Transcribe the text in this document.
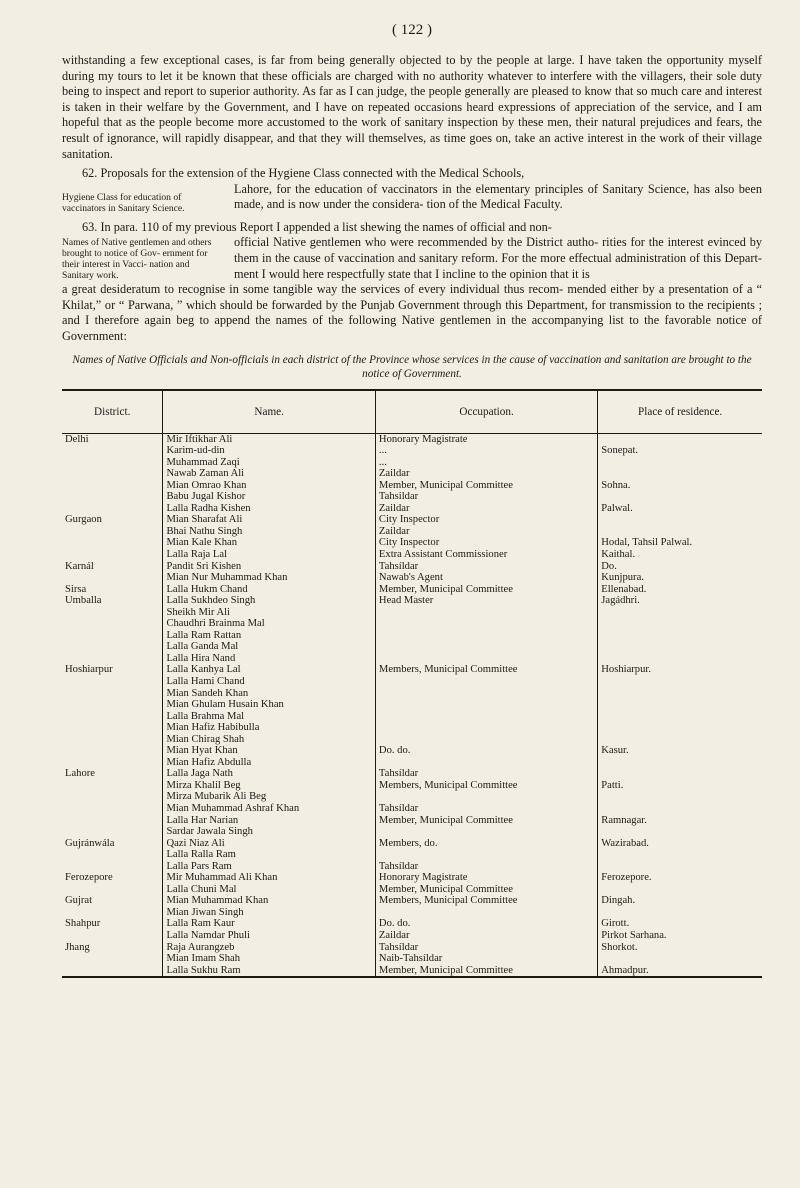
( 122 )

withstanding a few exceptional cases, is far from being generally objected to by the people at large. I have taken the opportunity myself during my tours to let it be known that these officials are charged with no authority whatever to interfere with the villagers, their sole duty being to inspect and report to superior authority. As far as I can judge, the people generally are pleased to know that so much care and interest is taken in their welfare by the Government, and I have on repeated occasions heard expressions of appreciation of the service, and I am hopeful that as the people become more accustomed to the work of sanitary inspection by these men, their natural prejudices and fears, the result of ignorance, will rapidly disappear, and that they will themselves, as time goes on, take an active interest in the work of their village sanitation.

62. Proposals for the extension of the Hygiene Class connected with the Medical Schools,

Hygiene Class for education of vaccinators in Sanitary Science.
Lahore, for the education of vaccinators in the elementary principles of Sanitary Science, has also been made, and is now under the considera- tion of the Medical Faculty.

63. In para. 110 of my previous Report I appended a list shewing the names of official and non-

Names of Native gentlemen and others brought to notice of Gov- ernment for their interest in Vacci- nation and Sanitary work.
official Native gentlemen who were recommended by the District autho- rities for the interest evinced by them in the cause of vaccination and sanitary reform. For the more effectual administration of this Depart- ment I would here respectfully state that I incline to the opinion that it is

a great desideratum to recognise in some tangible way the services of every individual thus recom- mended either by a presentation of a “ Khilat,” or “ Parwana, ” which should be forwarded by the Punjab Government through this Department, for transmission to the recipients ; and I therefore again beg to append the names of the following Native gentlemen in the accompanying list to the favorable notice of Government:

Names of Native Officials and Non-officials in each district of the Province whose services in the cause of vaccination and sanitation are brought to the notice of Government.
District.	Name.	Occupation.	Place of residence.
Delhi	Mir Iftikhar Ali	Honorary Magistrate	
	Karim-ud-din	...	Sonepat.
	Muhammad Zaqi	...	
	Nawab Zaman Ali	Zaildar	
	Mian Omrao Khan	Member, Municipal Committee	Sohna.
	Babu Jugal Kishor	Tahsildar	
	Lalla Radha Kishen	Zaildar	Palwal.
Gurgaon	Mian Sharafat Ali	City Inspector	
	Bhai Nathu Singh	Zaildar	
	Mian Kale Khan	City Inspector	Hodal, Tahsil Palwal.
	Lalla Raja Lal	Extra Assistant Commissioner	Kaithal.
Karnál	Pandit Sri Kishen	Tahsíldar	Do.
	Mian Nur Muhammad Khan	Nawab's Agent	Kunjpura.
Sirsa	Lalla Hukm Chand	Member, Municipal Committee	Ellenabad.
Umballa	Lalla Sukhdeo Singh	Head Master	Jagádhri.
	Sheikh Mir Ali		
	Chaudhri Brainma Mal		
	Lalla Ram Rattan		
	Lalla Ganda Mal		
	Lalla Hira Nand		
Hoshiarpur	Lalla Kanhya Lal	Members, Municipal Committee	Hoshiarpur.
	Lalla Hami Chand		
	Mian Sandeh Khan		
	Mian Ghulam Husain Khan		
	Lalla Brahma Mal		
	Mian Hafiz Habibulla		
	Mian Chirag Shah		
	Mian Hyat Khan	Do. do.	Kasur.
	Mian Hafiz Abdulla		
Lahore	Lalla Jaga Nath	Tahsíldar	
	Mirza Khalil Beg	Members, Municipal Committee	Patti.
	Mirza Mubarik Ali Beg		
	Mian Muhammad Ashraf Khan	Tahsíldar	
	Lalla Har Narian	Member, Municipal Committee	Ramnagar.
	Sardar Jawala Singh		
Gujránwála	Qazi Niaz Ali	Members, do.	Wazirabad.
	Lalla Ralla Ram		
	Lalla Pars Ram	Tahsíldar	
Ferozepore	Mir Muhammad Ali Khan	Honorary Magistrate	Ferozepore.
	Lalla Chuni Mal	Member, Municipal Committee	
Gujrat	Mian Muhammad Khan	Members, Municipal Committee	Dingah.
	Mian Jiwan Singh		
Shahpur	Lalla Ram Kaur	Do. do.	Girott.
	Lalla Namdar Phuli	Zaildar	Pirkot Sarhana.
Jhang	Raja Aurangzeb	Tahsíldar	Shorkot.
	Mian Imam Shah	Naib-Tahsíldar	
	Lalla Sukhu Ram	Member, Municipal Committee	Ahmadpur.
